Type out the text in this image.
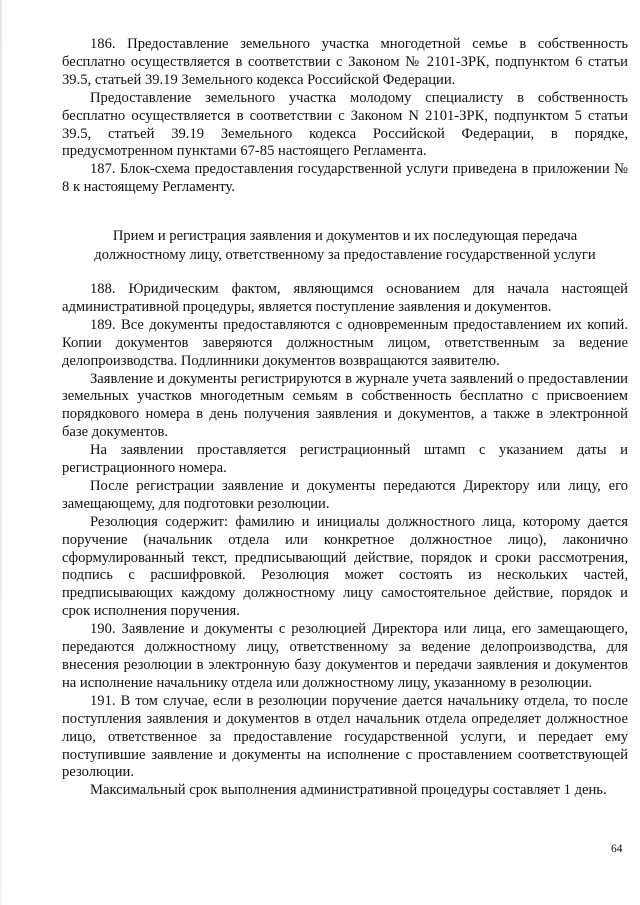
186. Предоставление земельного участка многодетной семье в собственность бесплатно осуществляется в соответствии с Законом № 2101-ЗРК, подпунктом 6 статьи 39.5, статьей 39.19 Земельного кодекса Российской Федерации.

Предоставление земельного участка молодому специалисту в собственность бесплатно осуществляется в соответствии с Законом N 2101-ЗРК, подпунктом 5 статьи 39.5, статьей 39.19 Земельного кодекса Российской Федерации, в порядке, предусмотренном пунктами 67-85 настоящего Регламента.

187. Блок-схема предоставления государственной услуги приведена в приложении № 8 к настоящему Регламенту.

Прием и регистрация заявления и документов и их последующая передача
должностному лицу, ответственному за предоставление государственной услуги

188. Юридическим фактом, являющимся основанием для начала настоящей административной процедуры, является поступление заявления и документов.

189. Все документы предоставляются с одновременным предоставлением их копий. Копии документов заверяются должностным лицом, ответственным за ведение делопроизводства. Подлинники документов возвращаются заявителю.

Заявление и документы регистрируются в журнале учета заявлений о предоставлении земельных участков многодетным семьям в собственность бесплатно с присвоением порядкового номера в день получения заявления и документов, а также в электронной базе документов.

На заявлении проставляется регистрационный штамп с указанием даты и регистрационного номера.

После регистрации заявление и документы передаются Директору или лицу, его замещающему, для подготовки резолюции.

Резолюция содержит: фамилию и инициалы должностного лица, которому дается поручение (начальник отдела или конкретное должностное лицо), лаконично сформулированный текст, предписывающий действие, порядок и сроки рассмотрения, подпись с расшифровкой. Резолюция может состоять из нескольких частей, предписывающих каждому должностному лицу самостоятельное действие, порядок и срок исполнения поручения.

190. Заявление и документы с резолюцией Директора или лица, его замещающего, передаются должностному лицу, ответственному за ведение делопроизводства, для внесения резолюции в электронную базу документов и передачи заявления и документов на исполнение начальнику отдела или должностному лицу, указанному в резолюции.

191. В том случае, если в резолюции поручение дается начальнику отдела, то после поступления заявления и документов в отдел начальник отдела определяет должностное лицо, ответственное за предоставление государственной услуги, и передает ему поступившие заявление и документы на исполнение с проставлением соответствующей резолюции.

Максимальный срок выполнения административной процедуры составляет 1 день.

64
